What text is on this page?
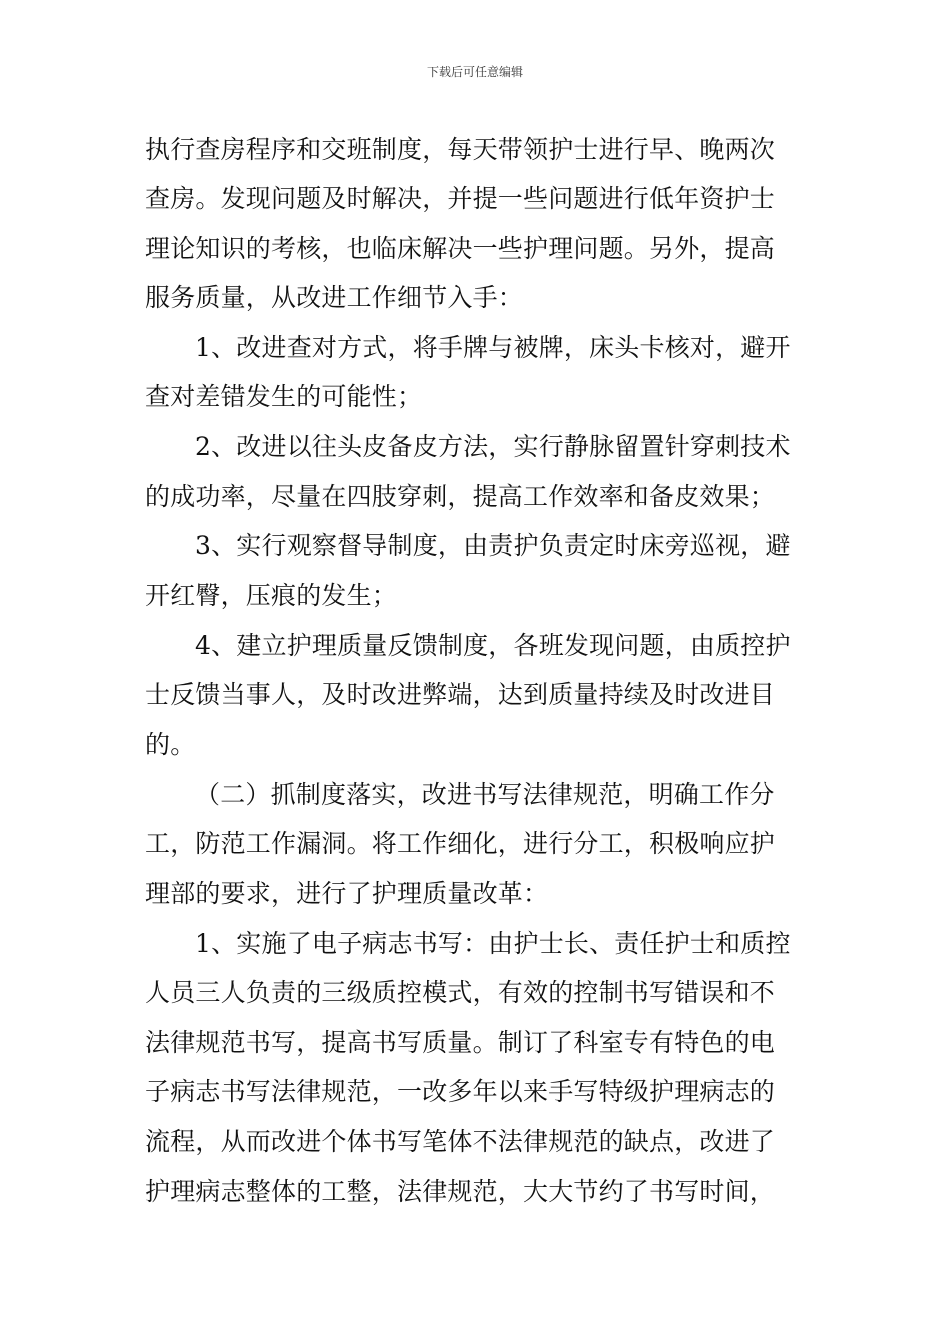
下载后可任意编辑
执行查房程序和交班制度，每天带领护士进行早、晚两次
查房。发现问题及时解决，并提一些问题进行低年资护士
理论知识的考核，也临床解决一些护理问题。另外，提高
服务质量，从改进工作细节入手：
1、改进查对方式，将手牌与被牌，床头卡核对，避开
查对差错发生的可能性；
2、改进以往头皮备皮方法，实行静脉留置针穿刺技术
的成功率，尽量在四肢穿刺，提高工作效率和备皮效果；
3、实行观察督导制度，由责护负责定时床旁巡视，避
开红臀，压痕的发生；
4、建立护理质量反馈制度，各班发现问题，由质控护
士反馈当事人，及时改进弊端，达到质量持续及时改进目
的。
（二）抓制度落实，改进书写法律规范，明确工作分
工，防范工作漏洞。将工作细化，进行分工，积极响应护
理部的要求，进行了护理质量改革：
1、实施了电子病志书写：由护士长、责任护士和质控
人员三人负责的三级质控模式，有效的控制书写错误和不
法律规范书写，提高书写质量。制订了科室专有特色的电
子病志书写法律规范，一改多年以来手写特级护理病志的
流程，从而改进个体书写笔体不法律规范的缺点，改进了
护理病志整体的工整，法律规范，大大节约了书写时间，
